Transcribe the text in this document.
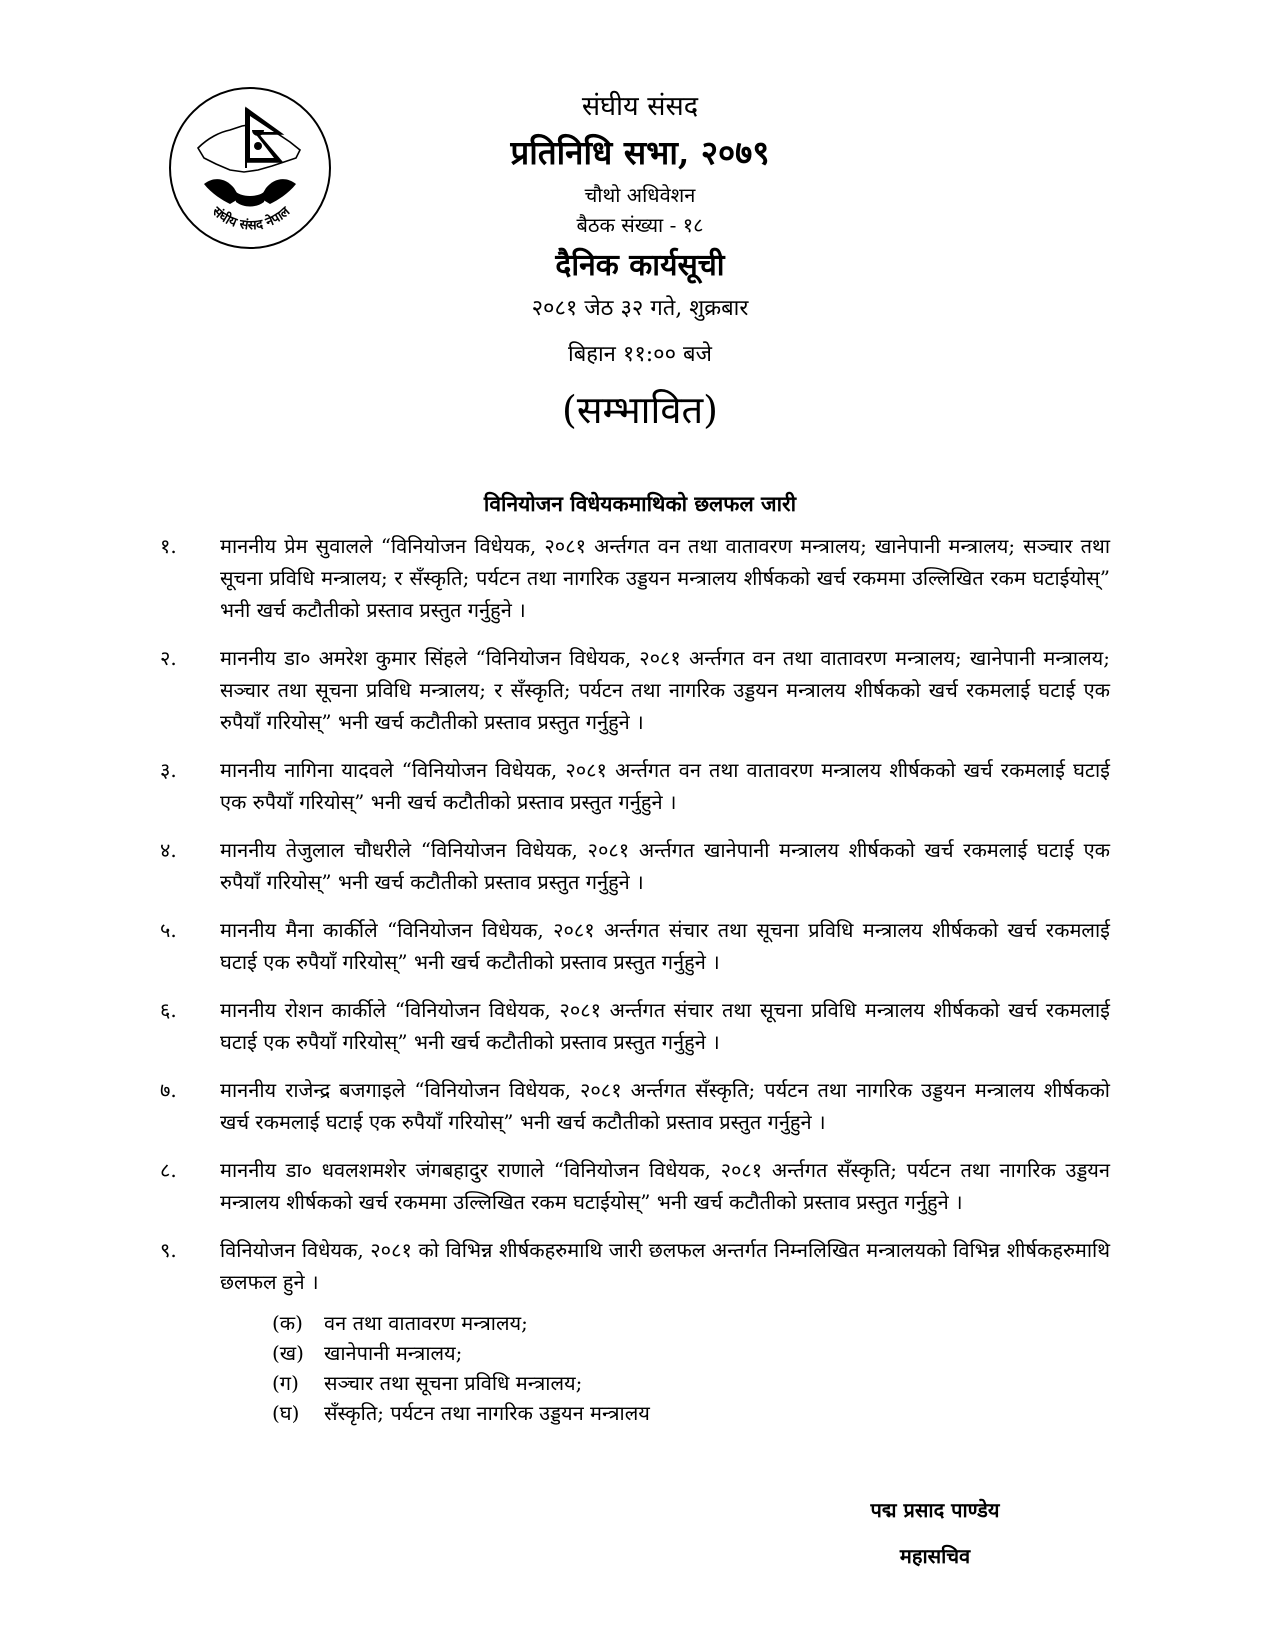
संघीय संसद नेपाल
संघीय संसद
प्रतिनिधि सभा, २०७९
चौथो अधिवेशन
बैठक संख्या - १८
दैनिक कार्यसूची
२०८१ जेठ ३२ गते, शुक्रबार
बिहान ११:०० बजे
(सम्भावित)
विनियोजन विधेयकमाथिको छलफल जारी
१.	माननीय प्रेम सुवालले “विनियोजन विधेयक, २०८१ अर्न्तगत वन तथा वातावरण मन्त्रालय; खानेपानी मन्त्रालय; सञ्चार तथा सूचना प्रविधि मन्त्रालय; र सँस्कृति; पर्यटन तथा नागरिक उड्डयन मन्त्रालय शीर्षकको खर्च रकममा उल्लिखित रकम घटाईयोस्” भनी खर्च कटौतीको प्रस्ताव प्रस्तुत गर्नुहुने ।
२.	माननीय डा० अमरेश कुमार सिंहले “विनियोजन विधेयक, २०८१ अर्न्तगत वन तथा वातावरण मन्त्रालय; खानेपानी मन्त्रालय; सञ्चार तथा सूचना प्रविधि मन्त्रालय; र सँस्कृति; पर्यटन तथा नागरिक उड्डयन मन्त्रालय शीर्षकको खर्च रकमलाई घटाई एक रुपैयाँ गरियोस्” भनी खर्च कटौतीको प्रस्ताव प्रस्तुत गर्नुहुने ।
३.	माननीय नागिना यादवले “विनियोजन विधेयक, २०८१ अर्न्तगत वन तथा वातावरण मन्त्रालय शीर्षकको खर्च रकमलाई घटाई एक रुपैयाँ गरियोस्” भनी खर्च कटौतीको प्रस्ताव प्रस्तुत गर्नुहुने ।
४.	माननीय तेजुलाल चौधरीले “विनियोजन विधेयक, २०८१ अर्न्तगत खानेपानी मन्त्रालय शीर्षकको खर्च रकमलाई घटाई एक रुपैयाँ गरियोस्” भनी खर्च कटौतीको प्रस्ताव प्रस्तुत गर्नुहुने ।
५.	माननीय मैना कार्कीले “विनियोजन विधेयक, २०८१ अर्न्तगत संचार तथा सूचना प्रविधि मन्त्रालय शीर्षकको खर्च रकमलाई घटाई एक रुपैयाँ गरियोस्” भनी खर्च कटौतीको प्रस्ताव प्रस्तुत गर्नुहुने ।
६.	माननीय रोशन कार्कीले “विनियोजन विधेयक, २०८१ अर्न्तगत संचार तथा सूचना प्रविधि मन्त्रालय शीर्षकको खर्च रकमलाई घटाई एक रुपैयाँ गरियोस्” भनी खर्च कटौतीको प्रस्ताव प्रस्तुत गर्नुहुने ।
७.	माननीय राजेन्द्र बजगाइले “विनियोजन विधेयक, २०८१ अर्न्तगत सँस्कृति; पर्यटन तथा नागरिक उड्डयन मन्त्रालय शीर्षकको खर्च रकमलाई घटाई एक रुपैयाँ गरियोस्” भनी खर्च कटौतीको प्रस्ताव प्रस्तुत गर्नुहुने ।
८.	माननीय डा० धवलशमशेर जंगबहादुर राणाले “विनियोजन विधेयक, २०८१ अर्न्तगत सँस्कृति; पर्यटन तथा नागरिक उड्डयन मन्त्रालय शीर्षकको खर्च रकममा उल्लिखित रकम घटाईयोस्” भनी खर्च कटौतीको प्रस्ताव प्रस्तुत गर्नुहुने ।
९.	विनियोजन विधेयक, २०८१ को विभिन्न शीर्षकहरुमाथि जारी छलफल अन्तर्गत निम्नलिखित मन्त्रालयको विभिन्न शीर्षकहरुमाथि छलफल हुने ।
(क)	वन तथा वातावरण मन्त्रालय;
(ख)	खानेपानी मन्त्रालय;
(ग)	सञ्चार तथा सूचना प्रविधि मन्त्रालय;
(घ)	सँस्कृति; पर्यटन तथा नागरिक उड्डयन मन्त्रालय
पद्म प्रसाद पाण्डेय
महासचिव
